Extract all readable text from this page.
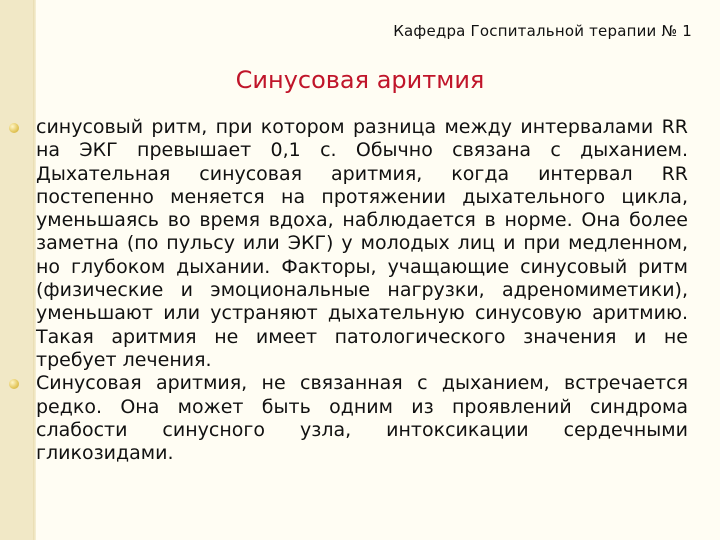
Кафедра Госпитальной терапии № 1
Синусовая аритмия

синусовый ритм, при котором разница между интервалами RR на ЭКГ превышает 0,1 с. Обычно связана с дыханием. Дыхательная синусовая аритмия, когда интервал RR постепенно меняется на протяжении дыхательного цикла, уменьшаясь во время вдоха, наблюдается в норме. Она более заметна (по пульсу или ЭКГ) у молодых лиц и при медленном, но глубоком дыхании. Факторы, учащающие синусовый ритм (физические и эмоциональные нагрузки, адреномиметики), уменьшают или устраняют дыхательную синусовую аритмию. Такая аритмия не имеет патологического значения и не требует лечения.

Синусовая аритмия, не связанная с дыханием, встречается редко. Она может быть одним из проявлений синдрома слабости синусного узла, интоксикации сердечными гликозидами.
